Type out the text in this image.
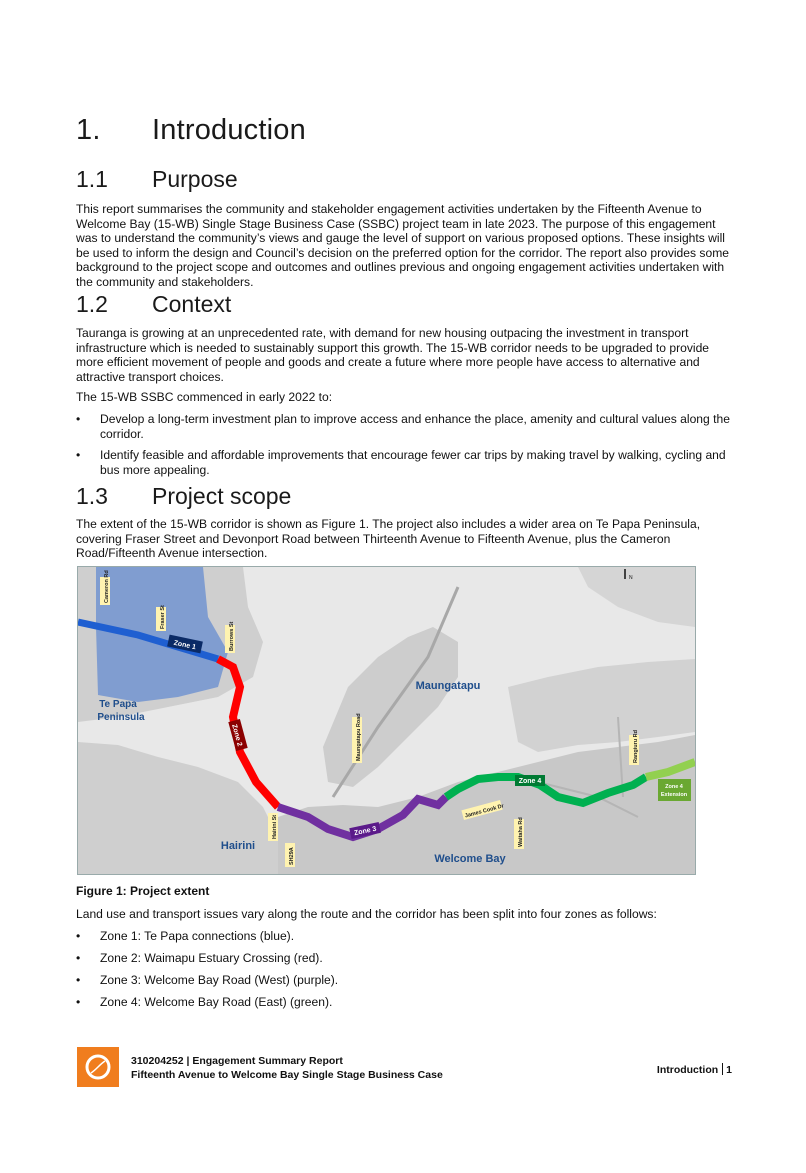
1. Introduction
1.1 Purpose

This report summarises the community and stakeholder engagement activities undertaken by the Fifteenth Avenue to Welcome Bay (15-WB) Single Stage Business Case (SSBC) project team in late 2023. The purpose of this engagement was to understand the community’s views and gauge the level of support on various proposed options. These insights will be used to inform the design and Council’s decision on the preferred option for the corridor. The report also provides some background to the project scope and outcomes and outlines previous and ongoing engagement activities undertaken with the community and stakeholders.

1.2 Context

Tauranga is growing at an unprecedented rate, with demand for new housing outpacing the investment in transport infrastructure which is needed to sustainably support this growth. The 15-WB corridor needs to be upgraded to provide more efficient movement of people and goods and create a future where more people have access to alternative and attractive transport choices.

The 15-WB SSBC commenced in early 2022 to:

• Develop a long-term investment plan to improve access and enhance the place, amenity and cultural values along the corridor.
• Identify feasible and affordable improvements that encourage fewer car trips by making travel by walking, cycling and bus more appealing.
1.3 Project scope

The extent of the 15-WB corridor is shown as Figure 1. The project also includes a wider area on Te Papa Peninsula, covering Fraser Street and Devonport Road between Thirteenth Avenue to Fifteenth Avenue, plus the Cameron Road/Fifteenth Avenue intersection.

Zone 1
Zone 2
Zone 3
Zone 4
Zone 4
Extension
Te Papa
Peninsula
Maungatapu
Hairini
Welcome Bay
Cameron Rd
Fraser St
Burrows St
Maungatapu Road
Hairini St
SH29A
James Cook Dr
Waitaha Rd
Rangiuru Rd
N
Figure 1: Project extent

Land use and transport issues vary along the route and the corridor has been split into four zones as follows:

• Zone 1: Te Papa connections (blue).
• Zone 2: Waimapu Estuary Crossing (red).
• Zone 3: Welcome Bay Road (West) (purple).
• Zone 4: Welcome Bay Road (East) (green).
310204252 | Engagement Summary Report
Fifteenth Avenue to Welcome Bay Single Stage Business Case	Introduction 1
